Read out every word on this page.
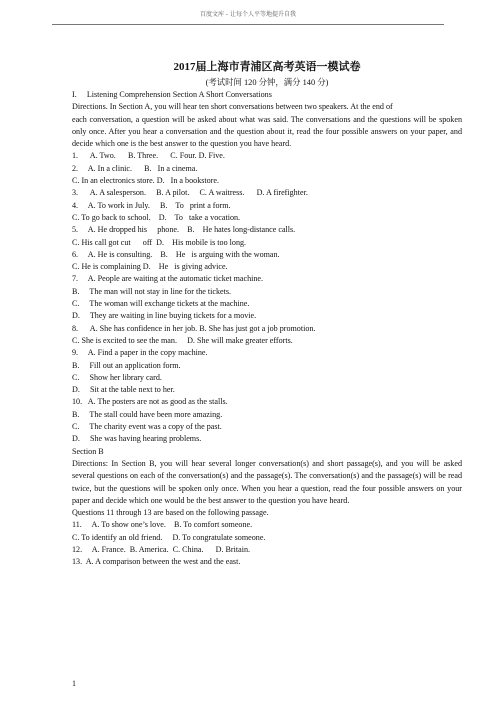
百度文库 - 让每个人平等地提升自我
2017届上海市青浦区高考英语一模试卷
(考试时间 120 分钟，满分 140 分)
I.     Listening Comprehension Section A Short Conversations
Directions. In Section A, you will hear ten short conversations between two speakers. At the end of
each conversation, a question will be asked about what was said. The conversations and the questions will be spoken only once. After you hear a conversation and the question about it, read the four possible answers on your paper, and decide which one is the best answer to the question you have heard.
1.      A. Two.      B. Three.      C. Four. D. Five.
2.     A. In a clinic.      B.   In a cinema.
C. In an electronics store. D.   In a bookstore.
3.      A. A salesperson.     B. A pilot.     C. A waitress.      D. A firefighter.
4.     A. To work in July.     B.    To   print a form.
C. To go back to school.    D.    To   take a vocation.
5.     A. He dropped his     phone.    B.    He hates long-distance calls.
C. His call got cut      off  D.    His mobile is too long.
6.     A. He is consulting.    B.    He   is arguing with the woman.
C. He is complaining D.    He   is giving advice.
7.     A. People are waiting at the automatic ticket machine.
B.     The man will not stay in line for the tickets.
C.     The woman will exchange tickets at the machine.
D.     They are waiting in line buying tickets for a movie.
8.      A. She has confidence in her job. B. She has just got a job promotion.
C. She is excited to see the man.     D. She will make greater efforts.
9.     A. Find a paper in the copy machine.
B.     Fill out an application form.
C.     Show her library card.
D.     Sit at the table next to her.
10.   A. The posters are not as good as the stalls.
B.     The stall could have been more amazing.
C.     The charity event was a copy of the past.
D.     She was having hearing problems.
Section B
Directions: In Section B, you will hear several longer conversation(s) and short passage(s), and you will be asked several questions on each of the conversation(s) and the passage(s). The conversation(s) and the passage(s) will be read twice, but the questions will be spoken only once. When you hear a question, read the four possible answers on your paper and decide which one would be the best answer to the question you have heard.
Questions 11 through 13 are based on the following passage.
11.     A. To show one’s love.    B. To comfort someone.
C. To identify an old friend.     D. To congratulate someone.
12.     A. France.  B. America.  C. China.      D. Britain.
13.  A. A comparison between the west and the east.
1
